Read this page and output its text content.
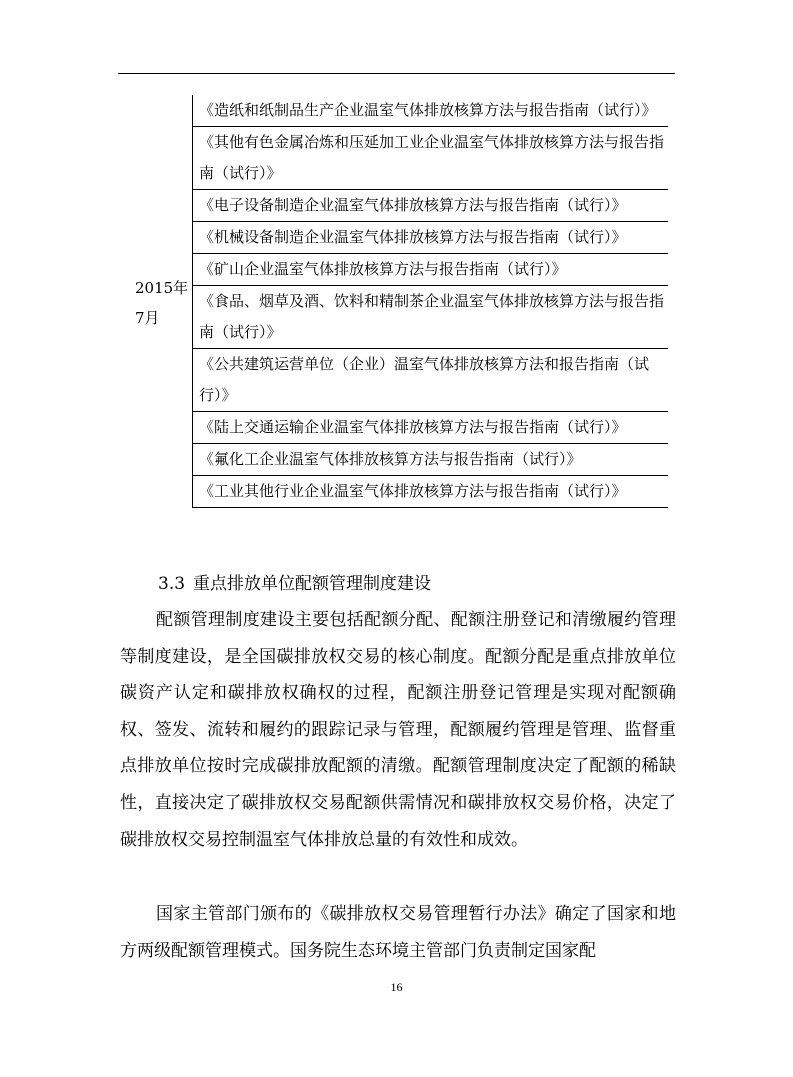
2015年7月

《造纸和纸制品生产企业温室气体排放核算方法与报告指南（试行）》

《其他有色金属冶炼和压延加工业企业温室气体排放核算方法与报告指南（试行）》

《电子设备制造企业温室气体排放核算方法与报告指南（试行）》

《机械设备制造企业温室气体排放核算方法与报告指南（试行）》

《矿山企业温室气体排放核算方法与报告指南（试行）》

《食品、烟草及酒、饮料和精制茶企业温室气体排放核算方法与报告指南（试行）》

《公共建筑运营单位（企业）温室气体排放核算方法和报告指南（试行）》

《陆上交通运输企业温室气体排放核算方法与报告指南（试行）》

《氟化工企业温室气体排放核算方法与报告指南（试行）》

《工业其他行业企业温室气体排放核算方法与报告指南（试行）》
3.3 重点排放单位配额管理制度建设

配额管理制度建设主要包括配额分配、配额注册登记和清缴履约管理等制度建设，是全国碳排放权交易的核心制度。配额分配是重点排放单位碳资产认定和碳排放权确权的过程，配额注册登记管理是实现对配额确权、签发、流转和履约的跟踪记录与管理，配额履约管理是管理、监督重点排放单位按时完成碳排放配额的清缴。配额管理制度决定了配额的稀缺性，直接决定了碳排放权交易配额供需情况和碳排放权交易价格，决定了碳排放权交易控制温室气体排放总量的有效性和成效。

国家主管部门颁布的《碳排放权交易管理暂行办法》确定了国家和地方两级配额管理模式。国务院生态环境主管部门负责制定国家配

16
